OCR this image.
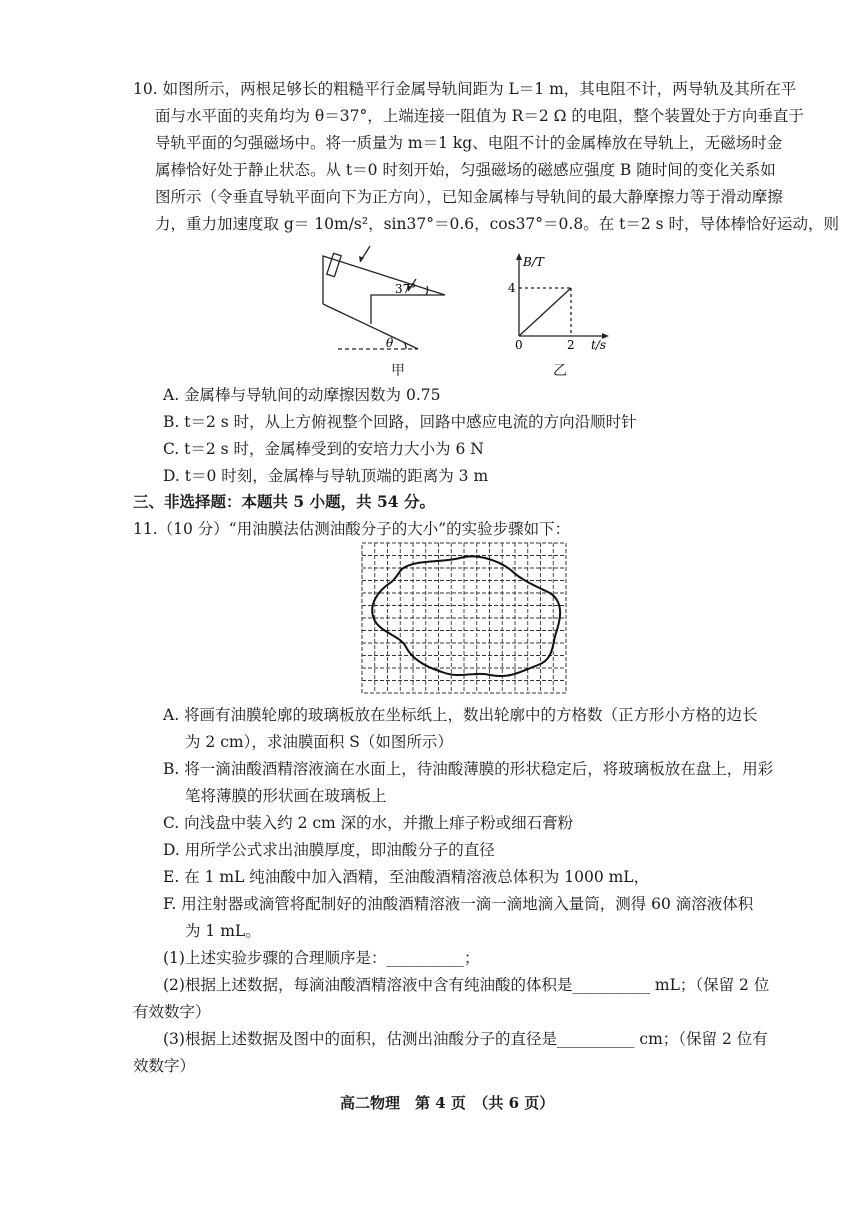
10. 如图所示，两根足够长的粗糙平行金属导轨间距为 L＝1 m，其电阻不计，两导轨及其所在平
面与水平面的夹角均为 θ＝37°，上端连接一阻值为 R＝2 Ω 的电阻，整个装置处于方向垂直于
导轨平面的匀强磁场中。将一质量为 m＝1 kg、电阻不计的金属棒放在导轨上，无磁场时金
属棒恰好处于静止状态。从 t＝0 时刻开始，匀强磁场的磁感应强度 B 随时间的变化关系如
图所示（令垂直导轨平面向下为正方向），已知金属棒与导轨间的最大静摩擦力等于滑动摩擦
力，重力加速度取 g＝ 10m/s²，sin37°＝0.6，cos37°＝0.8。在 t＝2 s 时，导体棒恰好运动，则
37°
θ
甲
B/T
4
0	2 t/s
乙
A. 金属棒与导轨间的动摩擦因数为 0.75
B. t＝2 s 时，从上方俯视整个回路，回路中感应电流的方向沿顺时针
C. t＝2 s 时，金属棒受到的安培力大小为 6 N
D. t＝0 时刻，金属棒与导轨顶端的距离为 3 m
三、非选择题：本题共 5 小题，共 54 分。
11.（10 分）“用油膜法估测油酸分子的大小”的实验步骤如下：
A. 将画有油膜轮廓的玻璃板放在坐标纸上，数出轮廓中的方格数（正方形小方格的边长
为 2 cm），求油膜面积 S（如图所示）
B. 将一滴油酸酒精溶液滴在水面上，待油酸薄膜的形状稳定后，将玻璃板放在盘上，用彩
笔将薄膜的形状画在玻璃板上
C. 向浅盘中装入约 2 cm 深的水，并撒上痱子粉或细石膏粉
D. 用所学公式求出油膜厚度，即油酸分子的直径
E. 在 1 mL 纯油酸中加入酒精，至油酸酒精溶液总体积为 1000 mL，
F. 用注射器或滴管将配制好的油酸酒精溶液一滴一滴地滴入量筒，测得 60 滴溶液体积
为 1 mL。
(1)上述实验步骤的合理顺序是：__________；
(2)根据上述数据，每滴油酸酒精溶液中含有纯油酸的体积是__________ mL；（保留 2 位
有效数字）
(3)根据上述数据及图中的面积，估测出油酸分子的直径是__________ cm；（保留 2 位有
效数字）
高二物理　第 4 页　（共 6 页）
